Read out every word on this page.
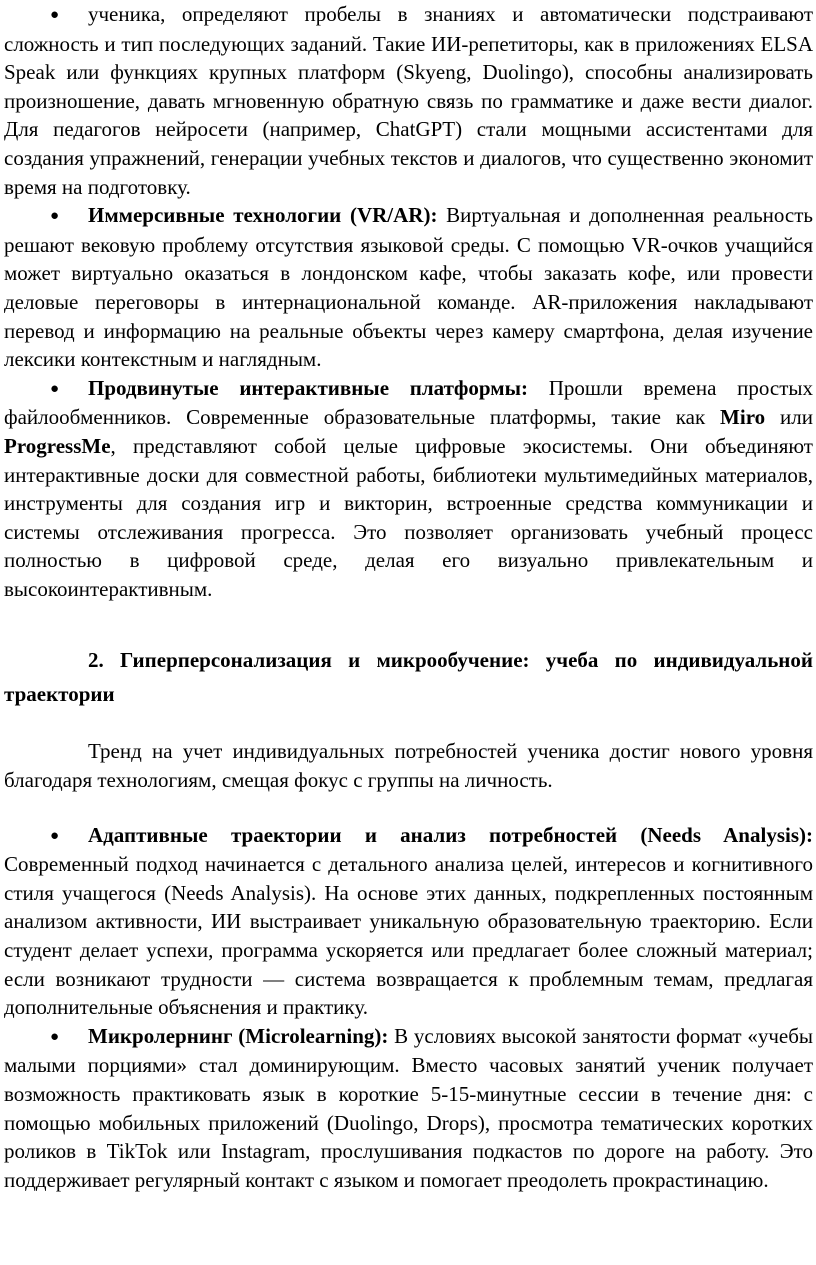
● ученика, определяют пробелы в знаниях и автоматически подстраивают сложность и тип последующих заданий. Такие ИИ-репетиторы, как в приложениях ELSA Speak или функциях крупных платформ (Skyeng, Duolingo), способны анализировать произношение, давать мгновенную обратную связь по грамматике и даже вести диалог. Для педагогов нейросети (например, ChatGPT) стали мощными ассистентами для создания упражнений, генерации учебных текстов и диалогов, что существенно экономит время на подготовку.

● Иммерсивные технологии (VR/AR): Виртуальная и дополненная реальность решают вековую проблему отсутствия языковой среды. С помощью VR-очков учащийся может виртуально оказаться в лондонском кафе, чтобы заказать кофе, или провести деловые переговоры в интернациональной команде. AR-приложения накладывают перевод и информацию на реальные объекты через камеру смартфона, делая изучение лексики контекстным и наглядным.

● Продвинутые интерактивные платформы: Прошли времена простых файлообменников. Современные образовательные платформы, такие как Miro или ProgressMe, представляют собой целые цифровые экосистемы. Они объединяют интерактивные доски для совместной работы, библиотеки мультимедийных материалов, инструменты для создания игр и викторин, встроенные средства коммуникации и системы отслеживания прогресса. Это позволяет организовать учебный процесс полностью в цифровой среде, делая его визуально привлекательным и высокоинтерактивным.

2. Гиперперсонализация и микрообучение: учеба по индивидуальной траектории

Тренд на учет индивидуальных потребностей ученика достиг нового уровня благодаря технологиям, смещая фокус с группы на личность.

● Адаптивные траектории и анализ потребностей (Needs Analysis): Современный подход начинается с детального анализа целей, интересов и когнитивного стиля учащегося (Needs Analysis). На основе этих данных, подкрепленных постоянным анализом активности, ИИ выстраивает уникальную образовательную траекторию. Если студент делает успехи, программа ускоряется или предлагает более сложный материал; если возникают трудности — система возвращается к проблемным темам, предлагая дополнительные объяснения и практику.

● Микролернинг (Microlearning): В условиях высокой занятости формат «учебы малыми порциями» стал доминирующим. Вместо часовых занятий ученик получает возможность практиковать язык в короткие 5-15-минутные сессии в течение дня: с помощью мобильных приложений (Duolingo, Drops), просмотра тематических коротких роликов в TikTok или Instagram, прослушивания подкастов по дороге на работу. Это поддерживает регулярный контакт с языком и помогает преодолеть прокрастинацию.
